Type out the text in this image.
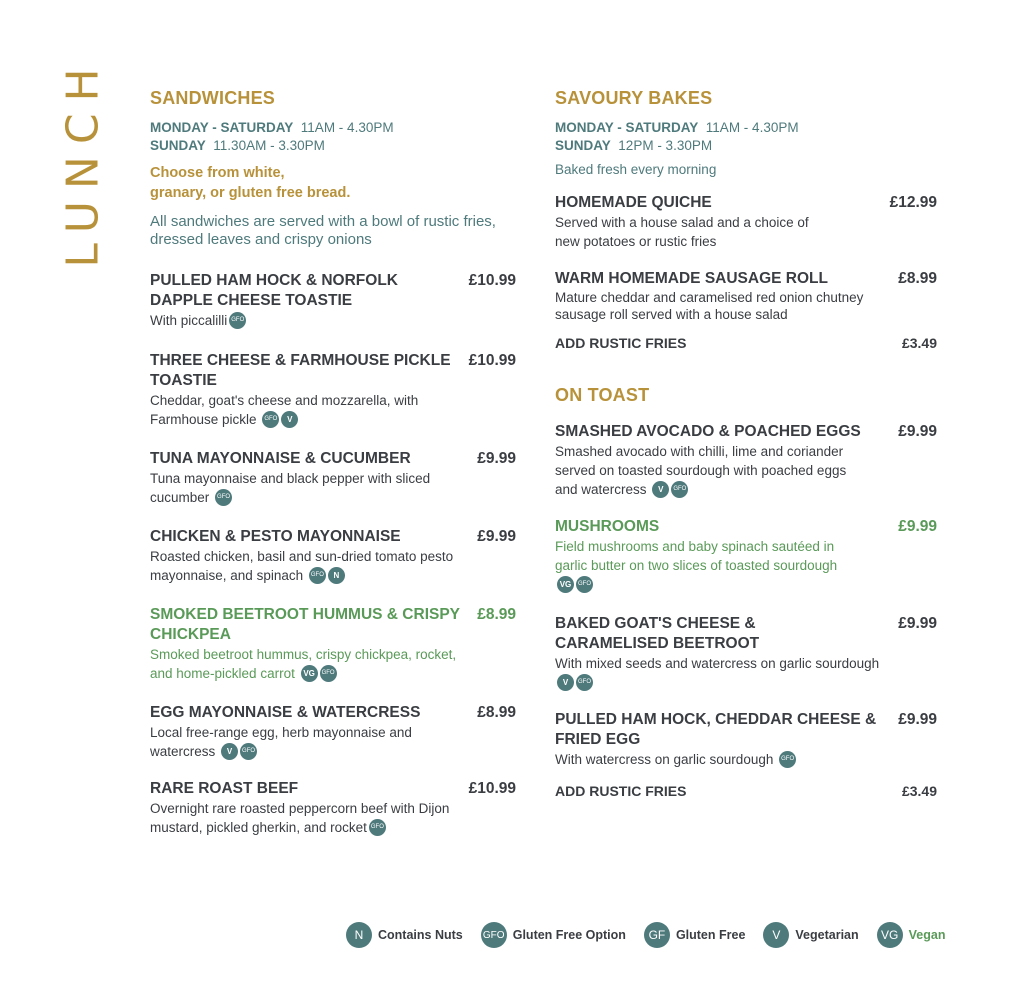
LUNCH SANDWICHES
MONDAY - SATURDAY 11AM - 4.30PM
SUNDAY 11.30AM - 3.30PM
Choose from white,
granary, or gluten free bread.
All sandwiches are served with a bowl of rustic fries, dressed leaves and crispy onions
PULLED HAM HOCK & NORFOLK DAPPLE CHEESE TOASTIE
With piccalilli GFO
£10.99
THREE CHEESE & FARMHOUSE PICKLE TOASTIE
Cheddar, goat's cheese and mozzarella, with Farmhouse pickle GFO V
£10.99
TUNA MAYONNAISE & CUCUMBER
Tuna mayonnaise and black pepper with sliced cucumber GFO
£9.99
CHICKEN & PESTO MAYONNAISE
Roasted chicken, basil and sun-dried tomato pesto mayonnaise, and spinach GFO N
£9.99
SMOKED BEETROOT HUMMUS & CRISPY CHICKPEA
Smoked beetroot hummus, crispy chickpea, rocket, and home-pickled carrot VG GFO
£8.99
EGG MAYONNAISE & WATERCRESS
Local free-range egg, herb mayonnaise and watercress V GFO
£8.99
RARE ROAST BEEF
Overnight rare roasted peppercorn beef with Dijon mustard, pickled gherkin, and rocket GFO
£10.99
SAVOURY BAKES
MONDAY - SATURDAY 11AM - 4.30PM
SUNDAY 12PM - 3.30PM
Baked fresh every morning
HOMEMADE QUICHE
Served with a house salad and a choice of new potatoes or rustic fries
£12.99
WARM HOMEMADE SAUSAGE ROLL
Mature cheddar and caramelised red onion chutney sausage roll served with a house salad
£8.99
ADD RUSTIC FRIES	£3.49
ON TOAST
SMASHED AVOCADO & POACHED EGGS
Smashed avocado with chilli, lime and coriander served on toasted sourdough with poached eggs and watercress V GFO
£9.99
MUSHROOMS
Field mushrooms and baby spinach sautéed in garlic butter on two slices of toasted sourdough VG GFO
£9.99
BAKED GOAT'S CHEESE & CARAMELISED BEETROOT
With mixed seeds and watercress on garlic sourdough V GFO
£9.99
PULLED HAM HOCK, CHEDDAR CHEESE & FRIED EGG
With watercress on garlic sourdough GFO
£9.99
ADD RUSTIC FRIES	£3.49
N	Contains Nuts GFO Gluten Free Option	GF Gluten Free	V	Vegetarian	VG Vegan
